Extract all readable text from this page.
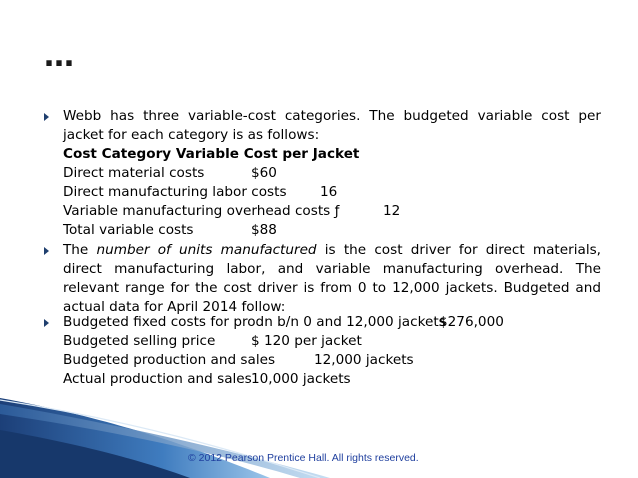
…
Webb has three variable-cost categories. The budgeted variable cost per jacket for each category is as follows:
Cost Category Variable Cost per Jacket
Direct material costs	$60
Direct manufacturing labor costs 16
Variable manufacturing overhead costs ƒ	12
Total variable costs	$88
The number of units manufactured is the cost driver for direct materials, direct manufacturing labor, and variable manufacturing overhead. The relevant range for the cost driver is from 0 to 12,000 jackets. Budgeted and actual data for April 2014 follow:
Budgeted fixed costs for prodn b/n 0 and 12,000 jackets$276,000
Budgeted selling price	$ 120 per jacket
Budgeted production and sales	12,000 jackets
Actual production and sales10,000 jackets
© 2012 Pearson Prentice Hall. All rights reserved.
